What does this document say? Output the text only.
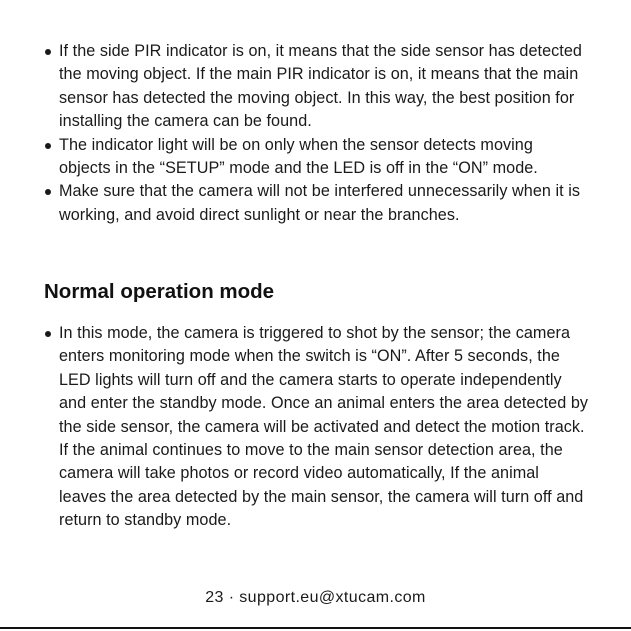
If the side PIR indicator is on, it means that the side sensor has detected the moving object. If the main PIR indicator is on, it means that the main sensor has detected the moving object. In this way, the best position for installing the camera can be found.
The indicator light will be on only when the sensor detects moving objects in the “SETUP” mode and the LED is off in the “ON” mode.
Make sure that the camera will not be interfered unnecessarily when it is working, and avoid direct sunlight or near the branches.
Normal operation mode
In this mode, the camera is triggered to shot by the sensor; the camera enters monitoring mode when the switch is “ON”. After 5 seconds, the LED lights will turn off and the camera starts to operate independently and enter the standby mode. Once an animal enters the area detected by the side sensor, the camera will be activated and detect the motion track. If the animal continues to move to the main sensor detection area, the camera will take photos or record video automatically, If the animal leaves the area detected by the main sensor, the camera will turn off and return to standby mode.
23 · support.eu@xtucam.com
